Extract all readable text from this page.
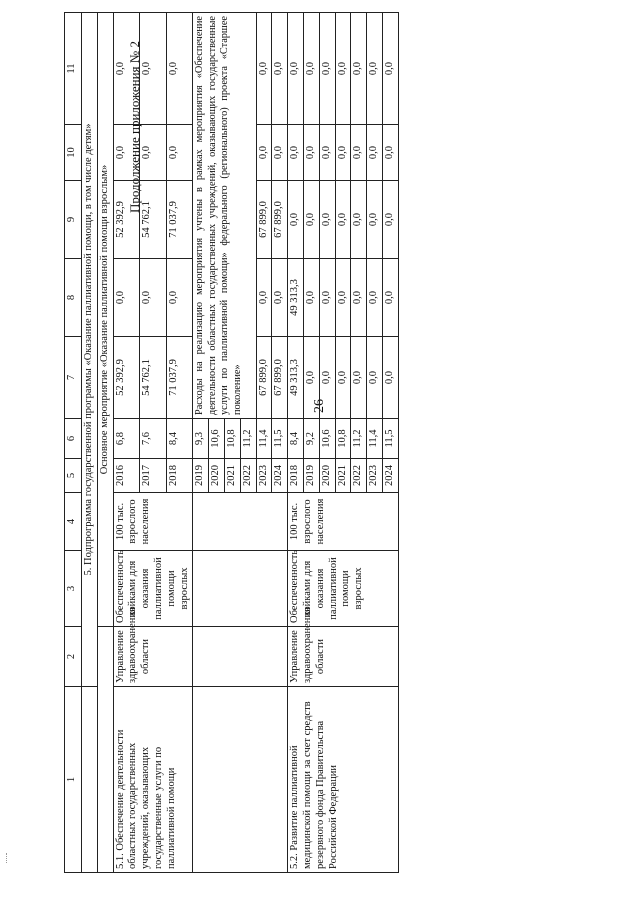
26
Продолжение приложения № 2
1	2	3	4	5	6	7	8	9	10	11
	5. Подпрограмма государственной программы «Оказание паллиативной помощи, в том числе детям»									
		Основное мероприятие «Оказание паллиативной помощи взрослым»								
5.1. Обеспечение деятельности областных государственных учреждений, оказывающих государственные услуги по паллиативной помощи	Управление здравоохранения области	Обеспеченность койками для оказания паллиативной помощи взрослых	100 тыс. взрослого населения	2016	6,8	52 392,9	0,0	52 392,9	0,0	0,0
				2017	7,6	54 762,1	0,0	54 762,1	0,0	0,0
				2018	8,4	71 037,9	0,0	71 037,9	0,0	0,0
				2019	9,3	Расходы на реализацию мероприятия учтены в рамках мероприятия «Обеспечение деятельности областных государственных учреждений, оказывающих государственные услуги по паллиативной помощи» федерального (регионального) проекта «Старшее поколение»				
				2020	10,6					
				2021	10,8					
				2022	11,2					
				2023	11,4	67 899,0	0,0	67 899,0	0,0	0,0
				2024	11,5	67 899,0	0,0	67 899,0	0,0	0,0
5.2. Развитие паллиативной медицинской помощи за счет средств резервного фонда Правительства Российской Федерации	Управление здравоохранения области	Обеспеченность койками для оказания паллиативной помощи взрослых	100 тыс. взрослого населения	2018	8,4	49 313,3	49 313,3	0,0	0,0	0,0
				2019	9,2	0,0	0,0	0,0	0,0	0,0
				2020	10,6	0,0	0,0	0,0	0,0	0,0
				2021	10,8	0,0	0,0	0,0	0,0	0,0
				2022	11,2	0,0	0,0	0,0	0,0	0,0
				2023	11,4	0,0	0,0	0,0	0,0	0,0
				2024	11,5	0,0	0,0	0,0	0,0	0,0
